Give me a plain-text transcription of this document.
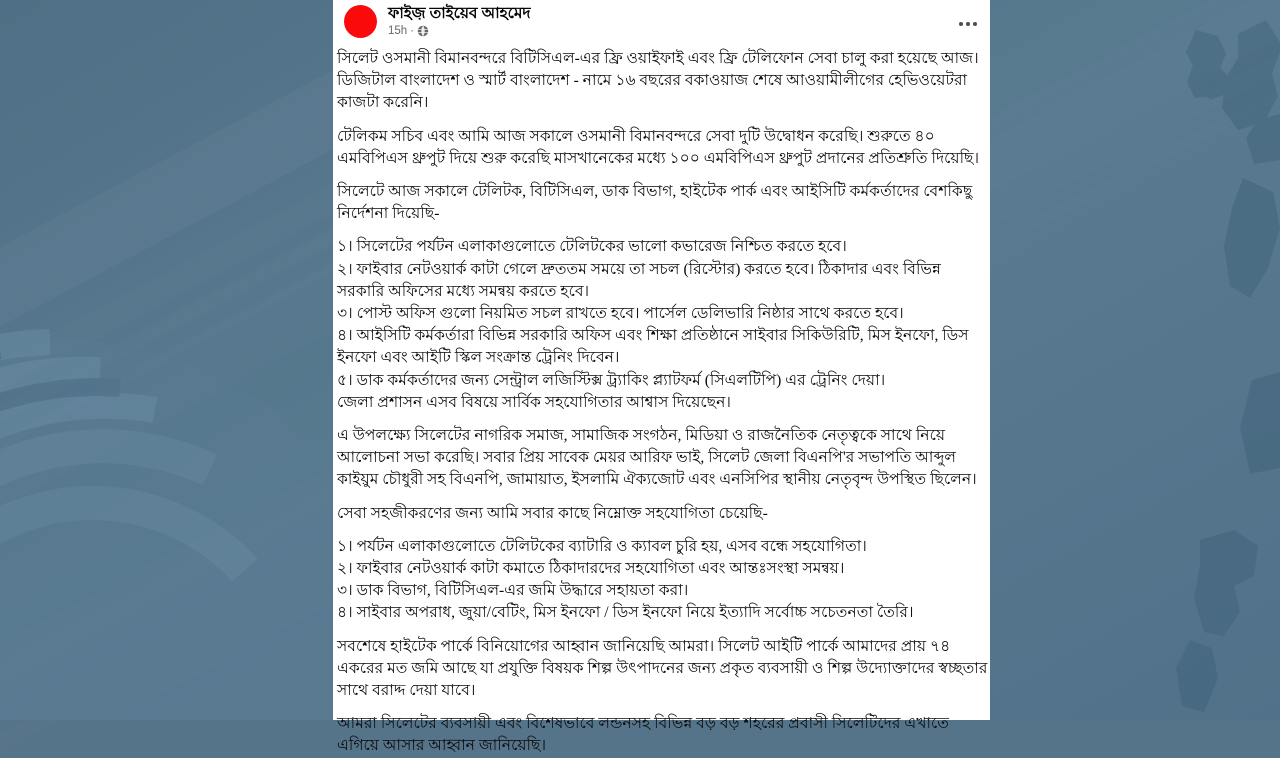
ফাইজ় তাইয়েব আহমেদ
15h ·

সিলেট ওসমানী বিমানবন্দরে বিটিসিএল-এর ফ্রি ওয়াইফাই এবং ফ্রি টেলিফোন সেবা চালু করা হয়েছে আজ। ডিজিটাল বাংলাদেশ ও স্মার্ট বাংলাদেশ - নামে ১৬ বছরের বকাওয়াজ শেষে আওয়ামীলীগের হেভিওয়েটরা কাজটা করেনি।

টেলিকম সচিব এবং আমি আজ সকালে ওসমানী বিমানবন্দরে সেবা দুটি উদ্বোধন করেছি। শুরুতে ৪০ এমবিপিএস থ্রুপুট দিয়ে শুরু করেছি মাসখানেকের মধ্যে ১০০ এমবিপিএস থ্রুপুট প্রদানের প্রতিশ্রুতি দিয়েছি।

সিলেটে আজ সকালে টেলিটক, বিটিসিএল, ডাক বিভাগ, হাইটেক পার্ক এবং আইসিটি কর্মকর্তাদের বেশকিছু নির্দেশনা দিয়েছি-

১। সিলেটের পর্যটন এলাকাগুলোতে টেলিটকের ভালো কভারেজ নিশ্চিত করতে হবে।

২। ফাইবার নেটওয়ার্ক কাটা গেলে দ্রুততম সময়ে তা সচল (রিস্টোর) করতে হবে। ঠিকাদার এবং বিভিন্ন সরকারি অফিসের মধ্যে সমন্বয় করতে হবে।

৩। পোস্ট অফিস গুলো নিয়মিত সচল রাখতে হবে। পার্সেল ডেলিভারি নিষ্ঠার সাথে করতে হবে।

৪। আইসিটি কর্মকর্তারা বিভিন্ন সরকারি অফিস এবং শিক্ষা প্রতিষ্ঠানে সাইবার সিকিউরিটি, মিস ইনফো, ডিস ইনফো এবং আইটি স্কিল সংক্রান্ত ট্রেনিং দিবেন।

৫। ডাক কর্মকর্তাদের জন্য সেন্ট্রাল লজিস্টিক্স ট্র্যাকিং প্ল্যাটফর্ম (সিএলটিপি) এর ট্রেনিং দেয়া।

জেলা প্রশাসন এসব বিষয়ে সার্বিক সহযোগিতার আশ্বাস দিয়েছেন।

এ উপলক্ষ্যে সিলেটের নাগরিক সমাজ, সামাজিক সংগঠন, মিডিয়া ও রাজনৈতিক নেতৃত্বকে সাথে নিয়ে আলোচনা সভা করেছি। সবার প্রিয় সাবেক মেয়র আরিফ ভাই, সিলেট জেলা বিএনপি'র সভাপতি আব্দুল কাইয়ুম চৌধুরী সহ বিএনপি, জামায়াত, ইসলামি ঐক্যজোট এবং এনসিপির স্থানীয় নেতৃবৃন্দ উপস্থিত ছিলেন।

সেবা সহজীকরণের জন্য আমি সবার কাছে নিম্নোক্ত সহযোগিতা চেয়েছি-

১। পর্যটন এলাকাগুলোতে টেলিটকের ব্যাটারি ও ক্যাবল চুরি হয়, এসব বন্ধে সহযোগিতা।

২। ফাইবার নেটওয়ার্ক কাটা কমাতে ঠিকাদারদের সহযোগিতা এবং আন্তঃসংস্থা সমন্বয়।

৩। ডাক বিভাগ, বিটিসিএল-এর জমি উদ্ধারে সহায়তা করা।

৪। সাইবার অপরাধ, জুয়া/বেটিং, মিস ইনফো / ডিস ইনফো নিয়ে ইত্যাদি সর্বোচ্চ সচেতনতা তৈরি।

সবশেষে হাইটেক পার্কে বিনিয়োগের আহ্বান জানিয়েছি আমরা। সিলেট আইটি পার্কে আমাদের প্রায় ৭৪ একরের মত জমি আছে যা প্রযুক্তি বিষয়ক শিল্প উৎপাদনের জন্য প্রকৃত ব্যবসায়ী ও শিল্প উদ্যোক্তাদের স্বচ্ছতার সাথে বরাদ্দ দেয়া যাবে।

আমরা সিলেটের ব্যবসায়ী এবং বিশেষভাবে লন্ডনসহ বিভিন্ন বড় বড় শহরের প্রবাসী সিলেটিদের এখাতে এগিয়ে আসার আহ্বান জানিয়েছি।
